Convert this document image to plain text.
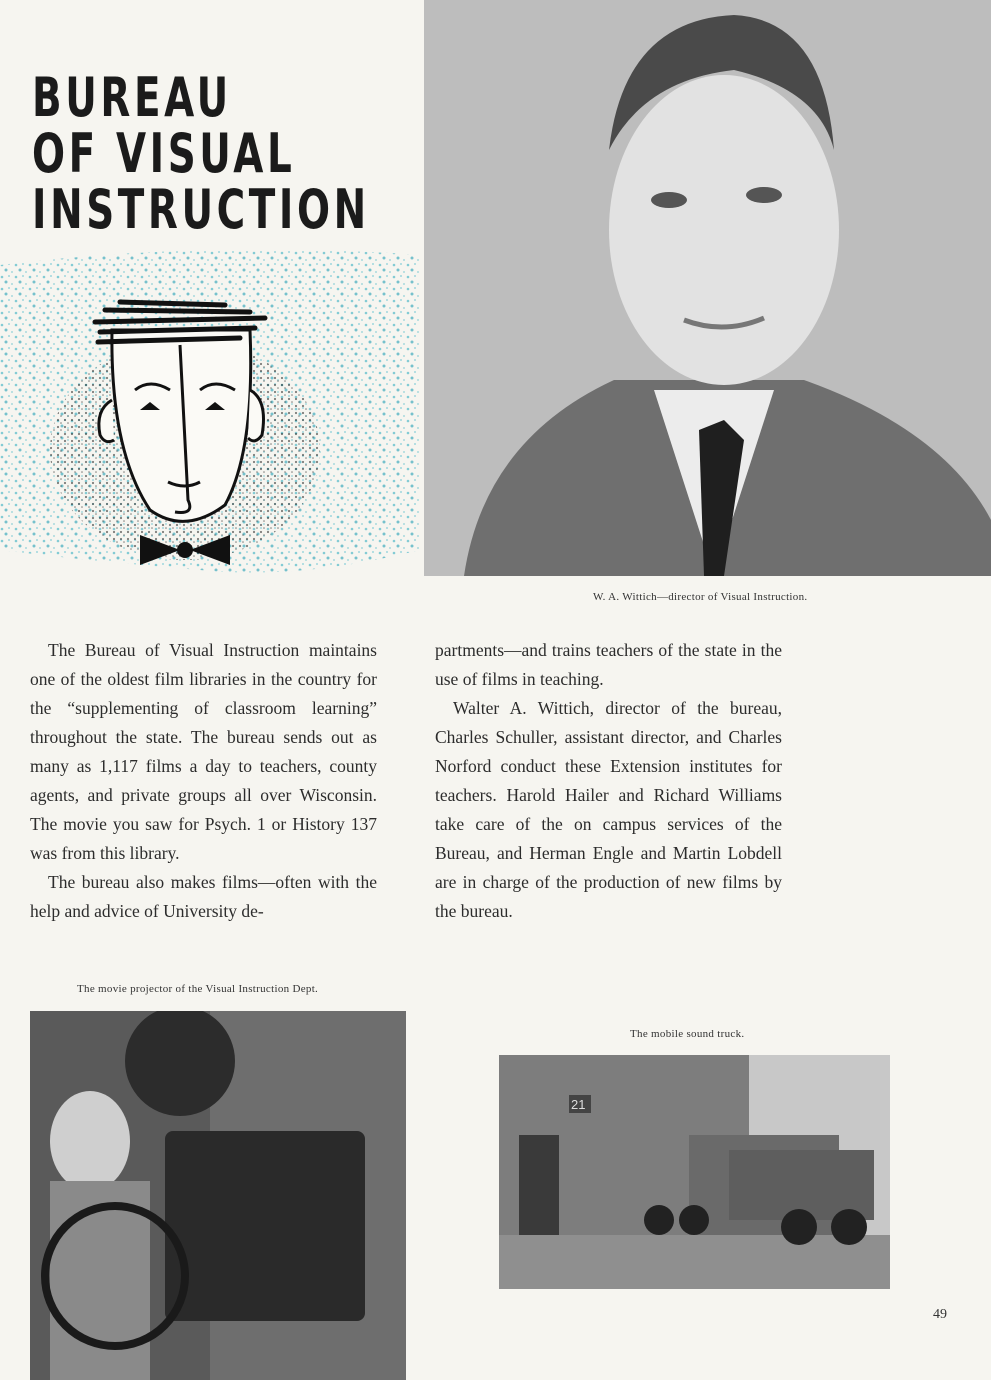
BUREAU
OF VISUAL
INSTRUCTION

W. A. Wittich—director of Visual Instruction.

The Bureau of Visual Instruction maintains one of the oldest film libraries in the country for the “supplementing of classroom learning” throughout the state. The bureau sends out as many as 1,117 films a day to teachers, county agents, and private groups all over Wisconsin. The movie you saw for Psych. 1 or History 137 was from this library.

The bureau also makes films—often with the help and advice of University de-

partments—and trains teachers of the state in the use of films in teaching.

Walter A. Wittich, director of the bureau, Charles Schuller, assistant director, and Charles Norford conduct these Extension institutes for teachers. Harold Hailer and Richard Williams take care of the on campus services of the Bureau, and Herman Engle and Martin Lobdell are in charge of the production of new films by the bureau.

The movie projector of the Visual Instruction Dept.

The mobile sound truck.

21

49
